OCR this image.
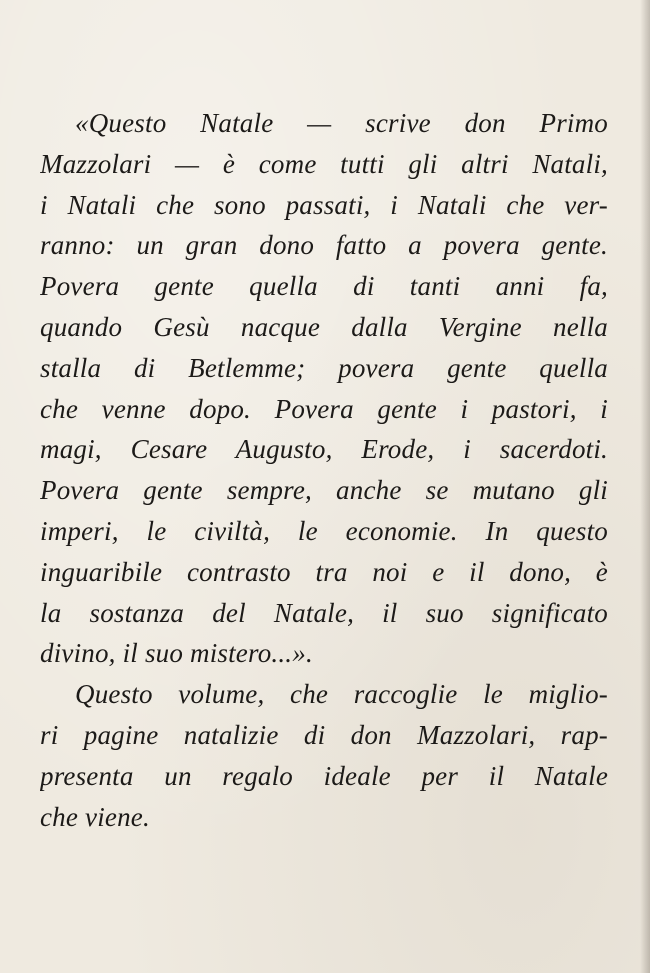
«Questo Natale — scrive don Primo
Mazzolari — è come tutti gli altri Natali,
i Natali che sono passati, i Natali che ver-
ranno: un gran dono fatto a povera gente.
Povera gente quella di tanti anni fa,
quando Gesù nacque dalla Vergine nella
stalla di Betlemme; povera gente quella
che venne dopo. Povera gente i pastori, i
magi, Cesare Augusto, Erode, i sacerdoti.
Povera gente sempre, anche se mutano gli
imperi, le civiltà, le economie. In questo
inguaribile contrasto tra noi e il dono, è
la sostanza del Natale, il suo significato
divino, il suo mistero...».
Questo volume, che raccoglie le miglio-
ri pagine natalizie di don Mazzolari, rap-
presenta un regalo ideale per il Natale
che viene.
